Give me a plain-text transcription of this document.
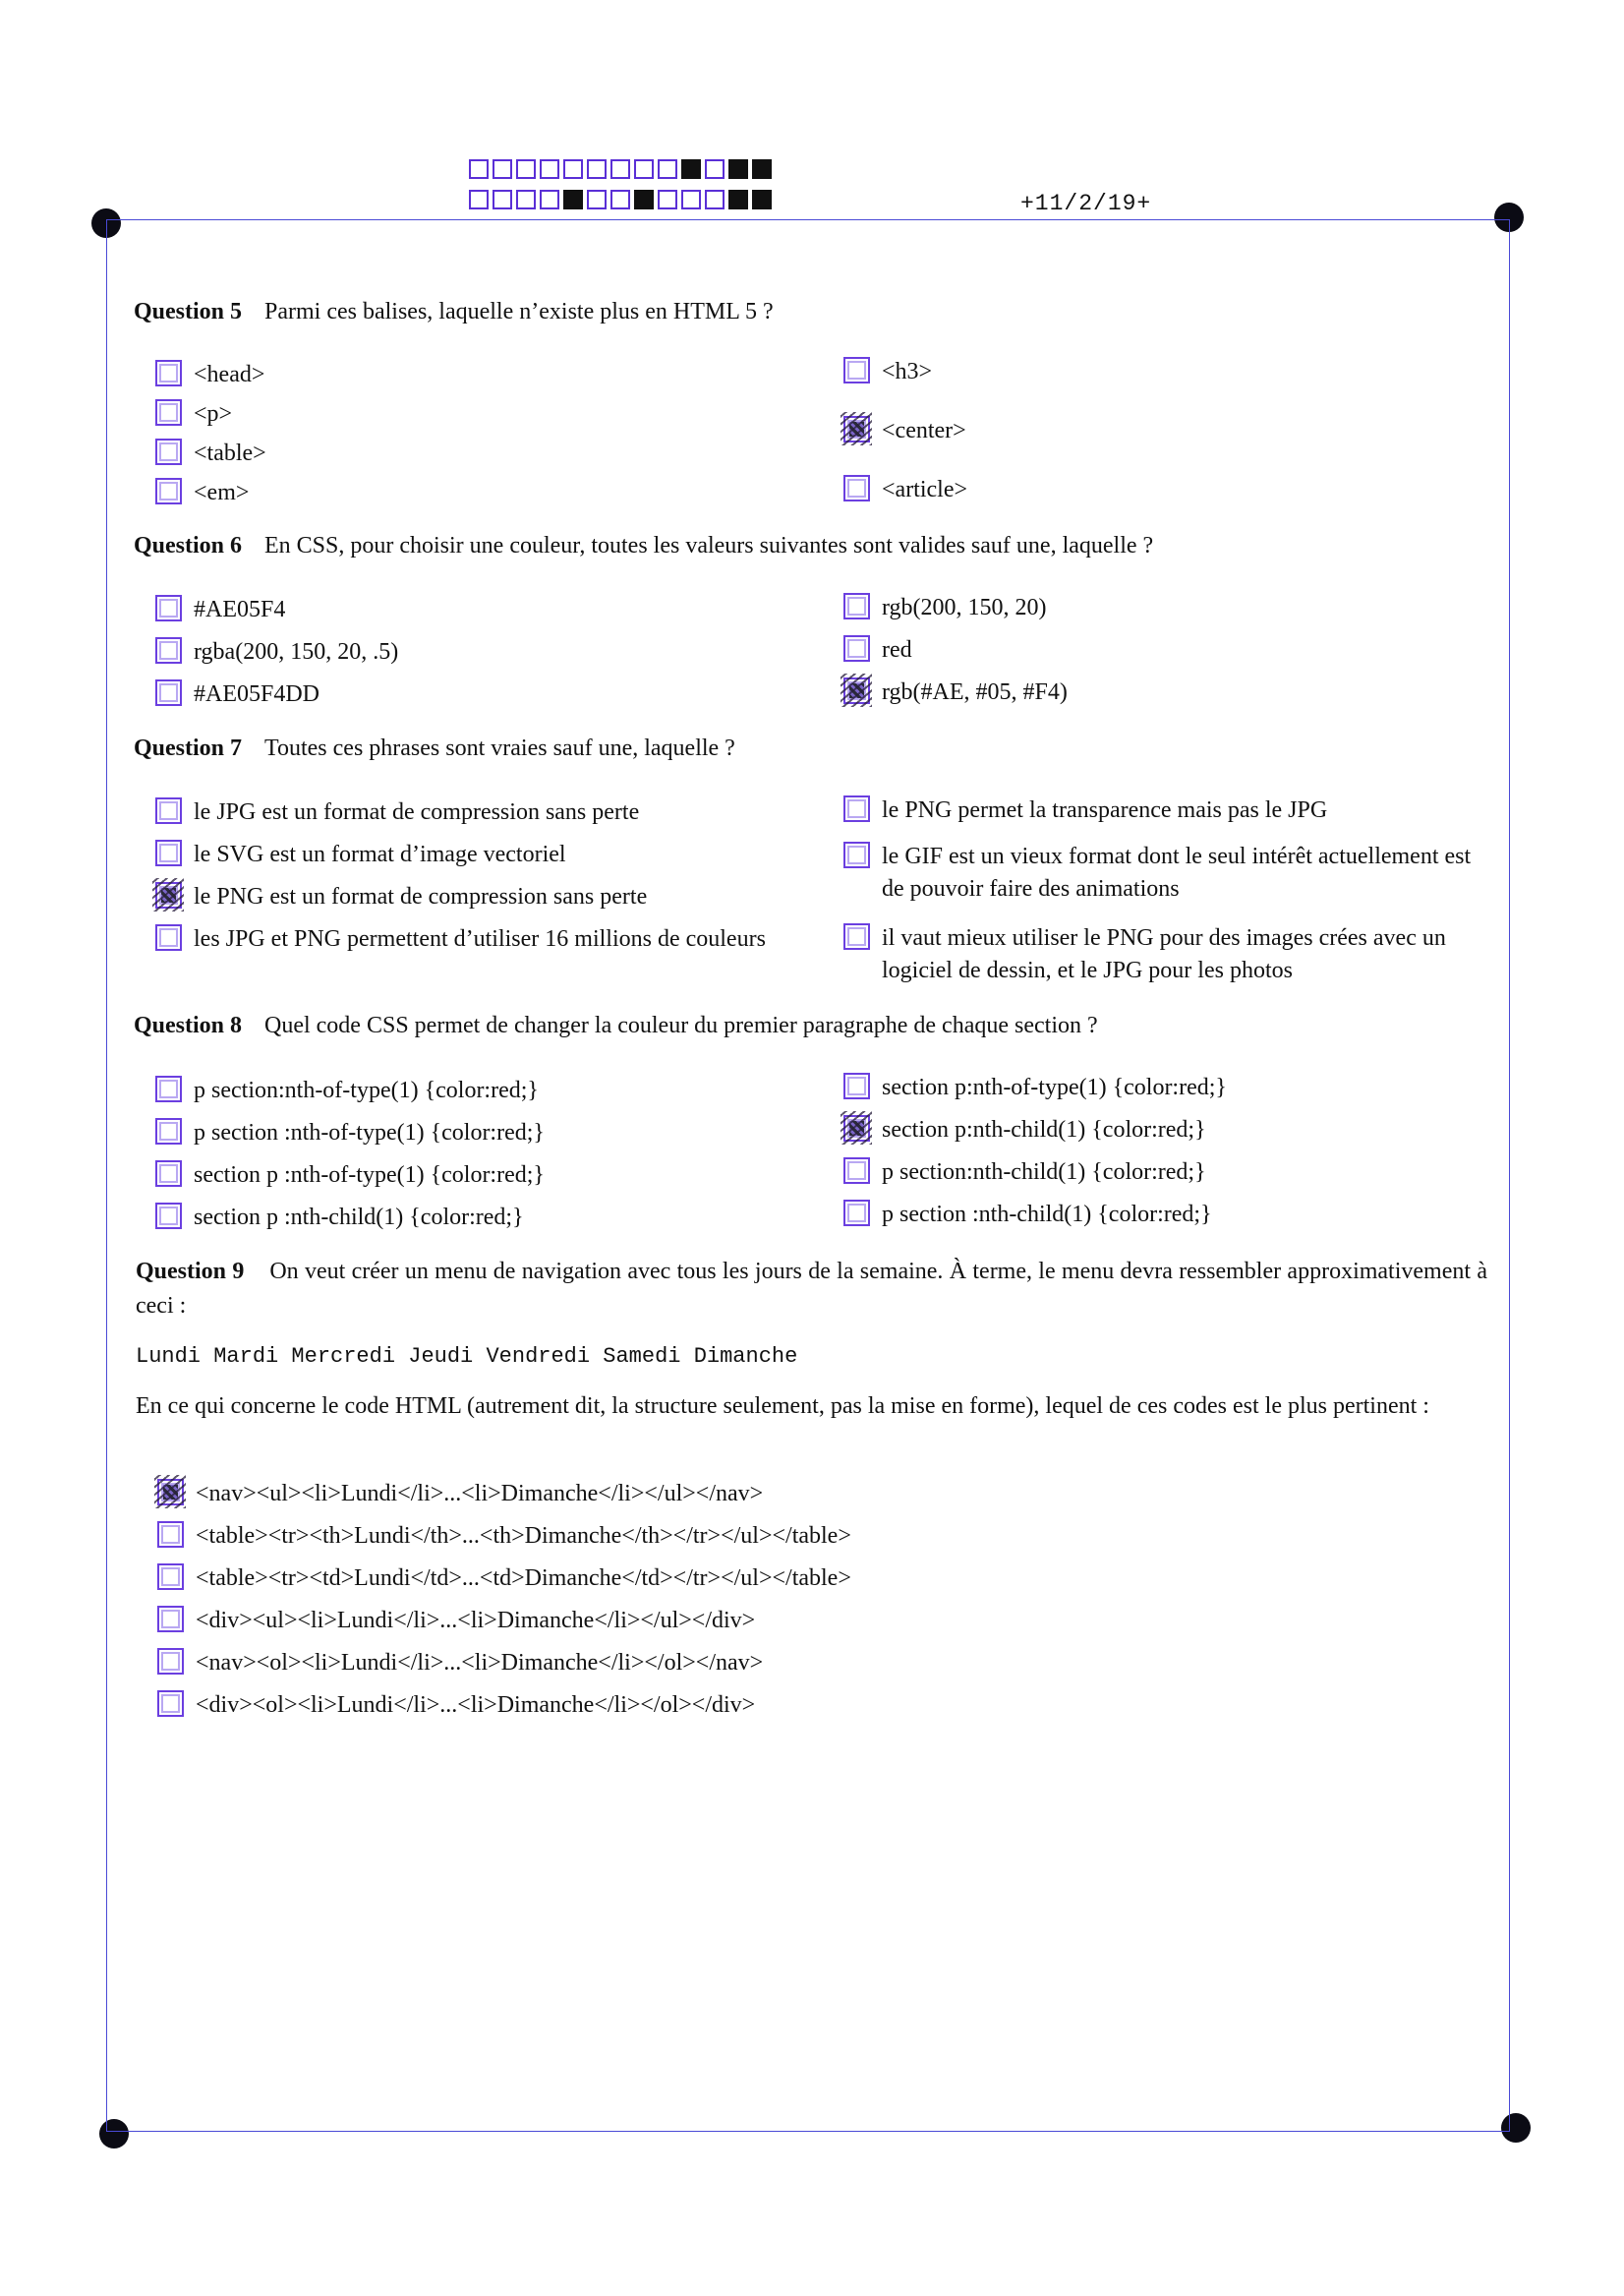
+11/2/19+
Question 5 Parmi ces balises, laquelle n’existe plus en HTML 5 ?
<head>
<p>
<table>
<em>
<h3>
<center>
<article>
Question 6 En CSS, pour choisir une couleur, toutes les valeurs suivantes sont valides sauf une, laquelle ?
#AE05F4
rgba(200, 150, 20, .5)
#AE05F4DD
rgb(200, 150, 20)
red
rgb(#AE, #05, #F4)
Question 7 Toutes ces phrases sont vraies sauf une, laquelle ?
le JPG est un format de compression sans perte
le SVG est un format d’image vectoriel
le PNG est un format de compression sans perte
les JPG et PNG permettent d’utiliser 16 millions de couleurs
le PNG permet la transparence mais pas le JPG
le GIF est un vieux format dont le seul intérêt actuellement est de pouvoir faire des animations
il vaut mieux utiliser le PNG pour des images crées avec un logiciel de dessin, et le JPG pour les photos
Question 8 Quel code CSS permet de changer la couleur du premier paragraphe de chaque section ?
p section:nth-of-type(1) {color:red;}
p section :nth-of-type(1) {color:red;}
section p :nth-of-type(1) {color:red;}
section p :nth-child(1) {color:red;}
section p:nth-of-type(1) {color:red;}
section p:nth-child(1) {color:red;}
p section:nth-child(1) {color:red;}
p section :nth-child(1) {color:red;}
Question 9 On veut créer un menu de navigation avec tous les jours de la semaine. À terme, le menu devra ressembler approximativement à ceci :
Lundi Mardi Mercredi Jeudi Vendredi Samedi Dimanche
En ce qui concerne le code HTML (autrement dit, la structure seulement, pas la mise en forme), lequel de ces codes est le plus pertinent :
<nav><ul><li>Lundi</li>...<li>Dimanche</li></ul></nav>
<table><tr><th>Lundi</th>...<th>Dimanche</th></tr></ul></table>
<table><tr><td>Lundi</td>...<td>Dimanche</td></tr></ul></table>
<div><ul><li>Lundi</li>...<li>Dimanche</li></ul></div>
<nav><ol><li>Lundi</li>...<li>Dimanche</li></ol></nav>
<div><ol><li>Lundi</li>...<li>Dimanche</li></ol></div>
